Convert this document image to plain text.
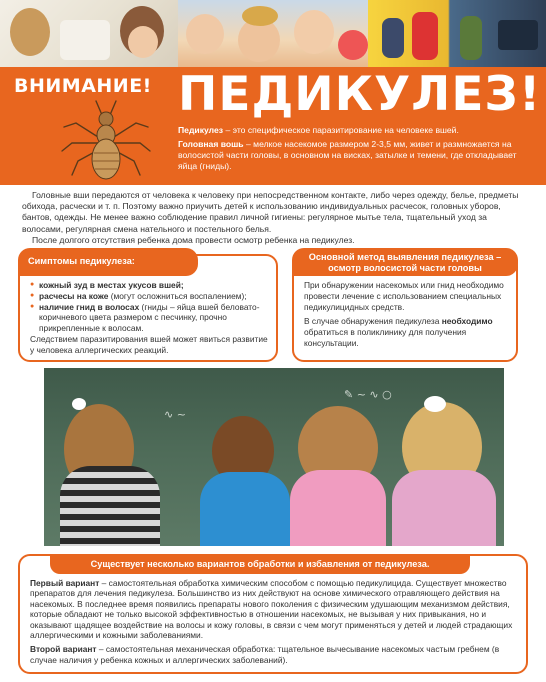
ВНИМАНИЕ! ПЕДИКУЛЕЗ!

Педикулез – это специфическое паразитирование на человеке вшей.

Головная вошь – мелкое насекомое размером 2-3,5 мм, живет и размножается на волосистой части головы, в основном на висках, затылке и темени, где откладывает яйца (гниды).

Головные вши передаются от человека к человеку при непосредственном контакте, либо через одежду, белье, предметы обихода, расчески и т. п. Поэтому важно приучить детей к использованию индивидуальных расчесок, головных уборов, бантов, одежды. Не менее важно соблюдение правил личной гигиены: регулярное мытье тела, тщательный уход за волосами, регулярная смена нательного и постельного белья.

После долгого отсутствия ребенка дома провести осмотр ребенка на педикулез.

Симптомы педикулеза:
● кожный зуд в местах укусов вшей;
● расчесы на коже (могут осложниться воспалением);
● наличие гнид в волосах (гниды – яйца вшей беловато-коричневого цвета размером с песчинку, прочно прикрепленные к волосам.

Следствием паразитирования вшей может явиться развитие у человека аллергических реакций.

Основной метод выявления педикулеза – осмотр волосистой части головы

При обнаружении насекомых или гнид необходимо провести лечение с использованием специальных педикулицидных средств.

В случае обнаружения педикулеза необходимо обратиться в поликлинику для получения консультации.

✎ ~ ∿ ○
∿ ~
Существует несколько вариантов обработки и избавления от педикулеза.

Первый вариант – самостоятельная обработка химическим способом с помощью педикулицида. Существует множество препаратов для лечения педикулеза. Большинство из них действуют на основе химического отравляющего действия на насекомых. В последнее время появились препараты нового поколения с физическим удушающим механизмом действия, которые обладают не только высокой эффективностью в отношении насекомых, не вызывая у них привыкания, но и оказывают щадящее воздействие на волосы и кожу головы, в связи с чем могут применяться у детей и людей страдающих аллергическими и кожными заболеваниями.

Второй вариант – самостоятельная механическая обработка: тщательное вычесывание насекомых частым гребнем (в случае наличия у ребенка кожных и аллергических заболеваний).
